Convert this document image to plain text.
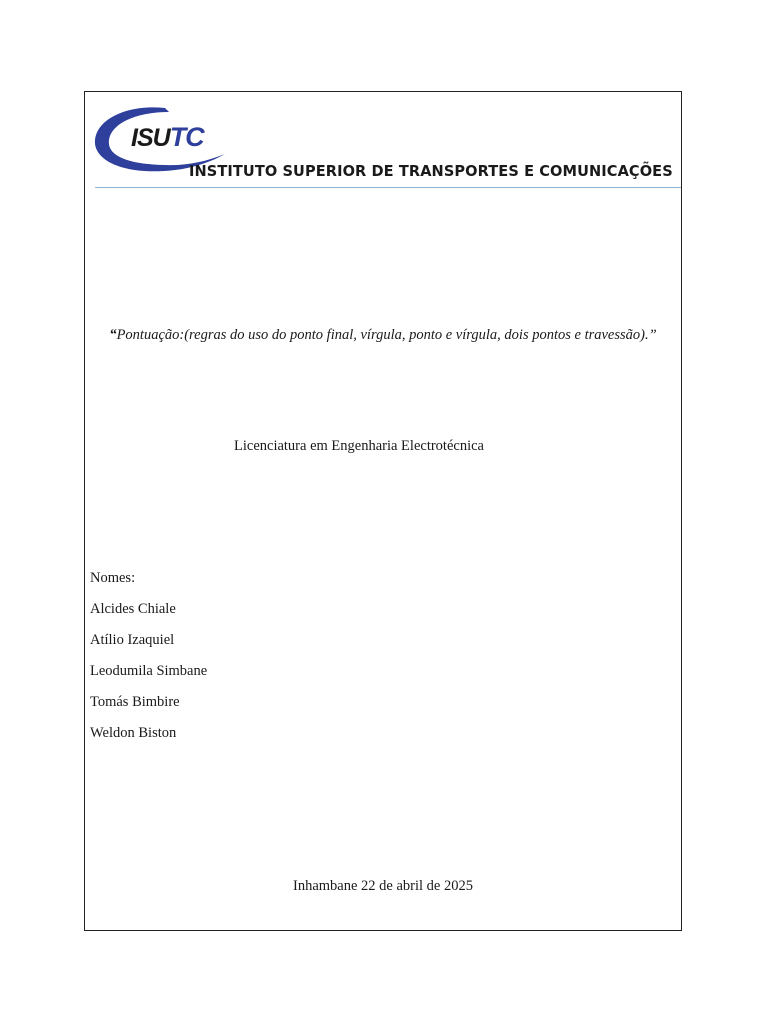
ISUTC
INSTITUTO SUPERIOR DE TRANSPORTES E COMUNICAÇÕES
“Pontuação:(regras do uso do ponto final, vírgula, ponto e vírgula, dois pontos e travessão).”
Licenciatura em Engenharia Electrotécnica
Nomes:
Alcides Chiale
Atílio Izaquiel
Leodumila Simbane
Tomás Bimbire
Weldon Biston
Inhambane 22 de abril de 2025
